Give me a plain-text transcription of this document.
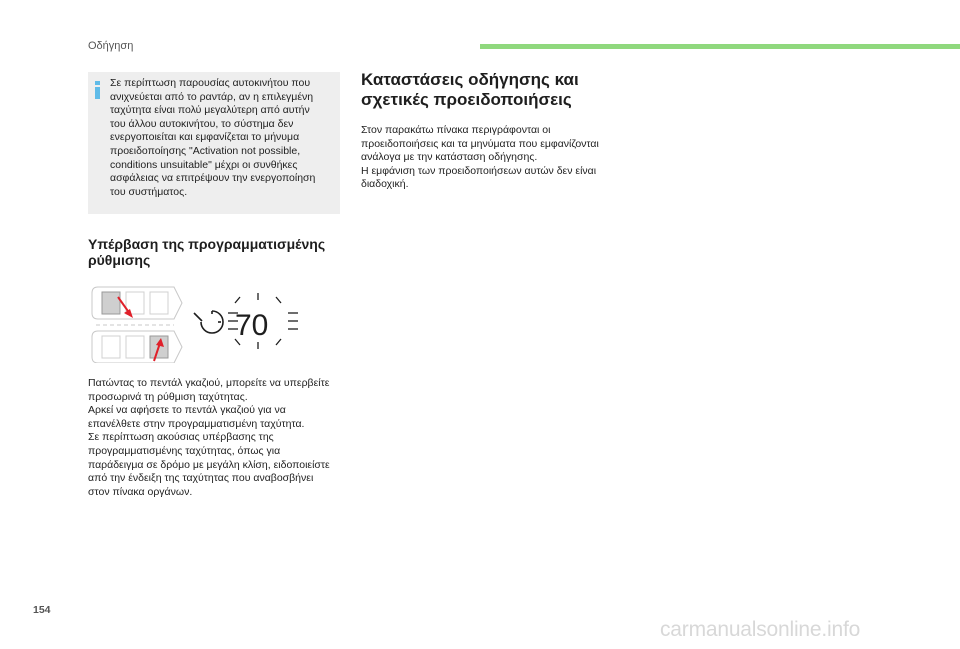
Οδήγηση

Σε περίπτωση παρουσίας αυτοκινήτου που
ανιχνεύεται από το ραντάρ, αν η επιλεγμένη
ταχύτητα είναι πολύ μεγαλύτερη από αυτήν
του άλλου αυτοκινήτου, το σύστημα δεν
ενεργοποιείται και εμφανίζεται το μήνυμα
προειδοποίησης "Activation not possible,
conditions unsuitable" μέχρι οι συνθήκες
ασφάλειας να επιτρέψουν την ενεργοποίηση
του συστήματος.

Υπέρβαση της προγραμματισμένης
ρύθμισης
70

Πατώντας το πεντάλ γκαζιού, μπορείτε να υπερβείτε
προσωρινά τη ρύθμιση ταχύτητας.
Αρκεί να αφήσετε το πεντάλ γκαζιού για να
επανέλθετε στην προγραμματισμένη ταχύτητα.
Σε περίπτωση ακούσιας υπέρβασης της
προγραμματισμένης ταχύτητας, όπως για
παράδειγμα σε δρόμο με μεγάλη κλίση, ειδοποιείστε
από την ένδειξη της ταχύτητας που αναβοσβήνει
στον πίνακα οργάνων.

Καταστάσεις οδήγησης και
σχετικές προειδοποιήσεις

Στον παρακάτω πίνακα περιγράφονται οι
προειδοποιήσεις και τα μηνύματα που εμφανίζονται
ανάλογα με την κατάσταση οδήγησης.
Η εμφάνιση των προειδοποιήσεων αυτών δεν είναι
διαδοχική.

154
carmanualsonline.info
